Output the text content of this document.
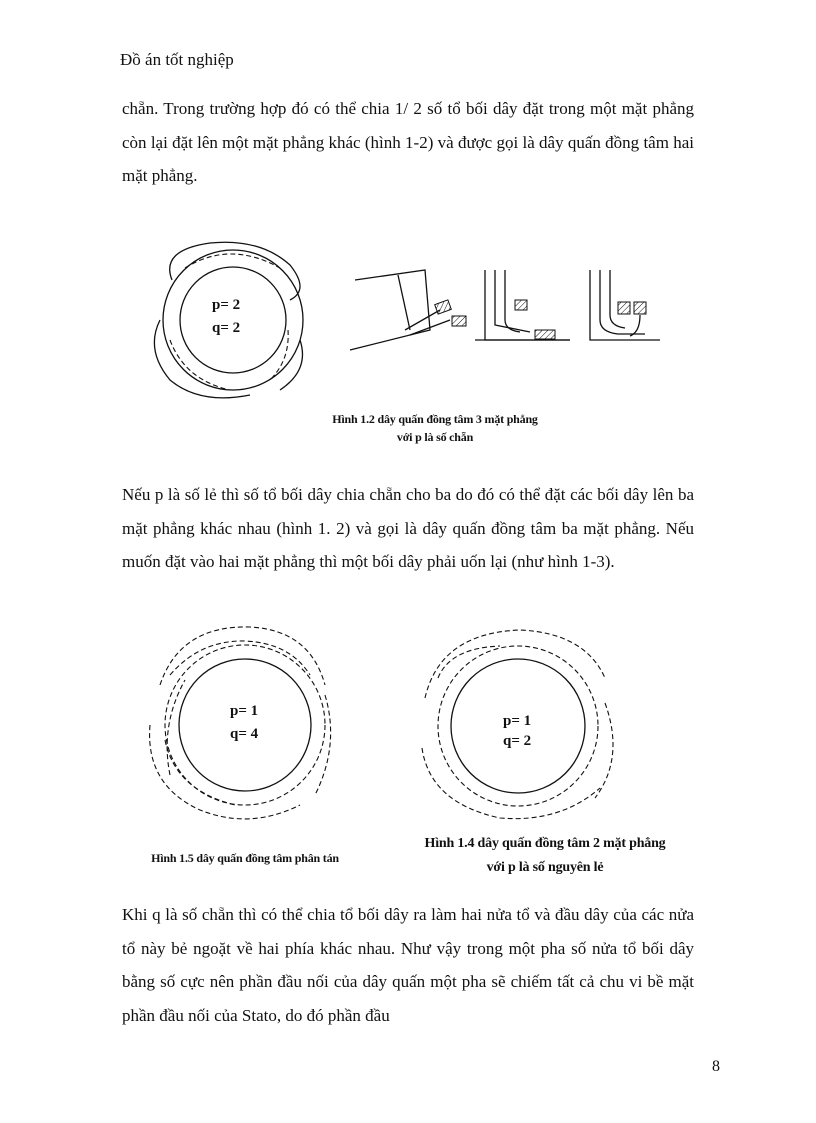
Đồ án tốt nghiệp

chẵn. Trong trường hợp đó có thể chia 1/ 2 số tổ bối dây đặt trong một mặt phẳng còn lại đặt lên một mặt phẳng khác (hình 1-2) và được gọi là dây quấn đồng tâm hai mặt phẳng.

p= 2
q= 2
Hình 1.2 dây quấn đồng tâm 3 mặt phẳng
với p là số chẵn

Nếu p là số lẻ thì số tổ bối dây chia chẵn cho ba do đó có thể đặt các bối dây lên ba mặt phẳng khác nhau (hình 1. 2) và gọi là dây quấn đồng tâm ba mặt phẳng. Nếu muốn đặt vào hai mặt phẳng thì một bối dây phải uốn lại (như hình 1-3).

p= 1
q= 4
Hình 1.5 dây quấn đồng tâm phân tán
p= 1
q= 2
Hình 1.4 dây quấn đồng tâm 2 mặt phẳng
với p là số nguyên lẻ

Khi q là số chẵn thì có thể chia tổ bối dây ra làm hai nửa tổ và đầu dây của các nửa tổ này bẻ ngoặt về hai phía khác nhau. Như vậy trong một pha số nửa tổ bối dây bằng số cực nên phần đầu nối của dây quấn một pha sẽ chiếm tất cả chu vi bề mặt phần đầu nối của Stato, do đó phần đầu

8
